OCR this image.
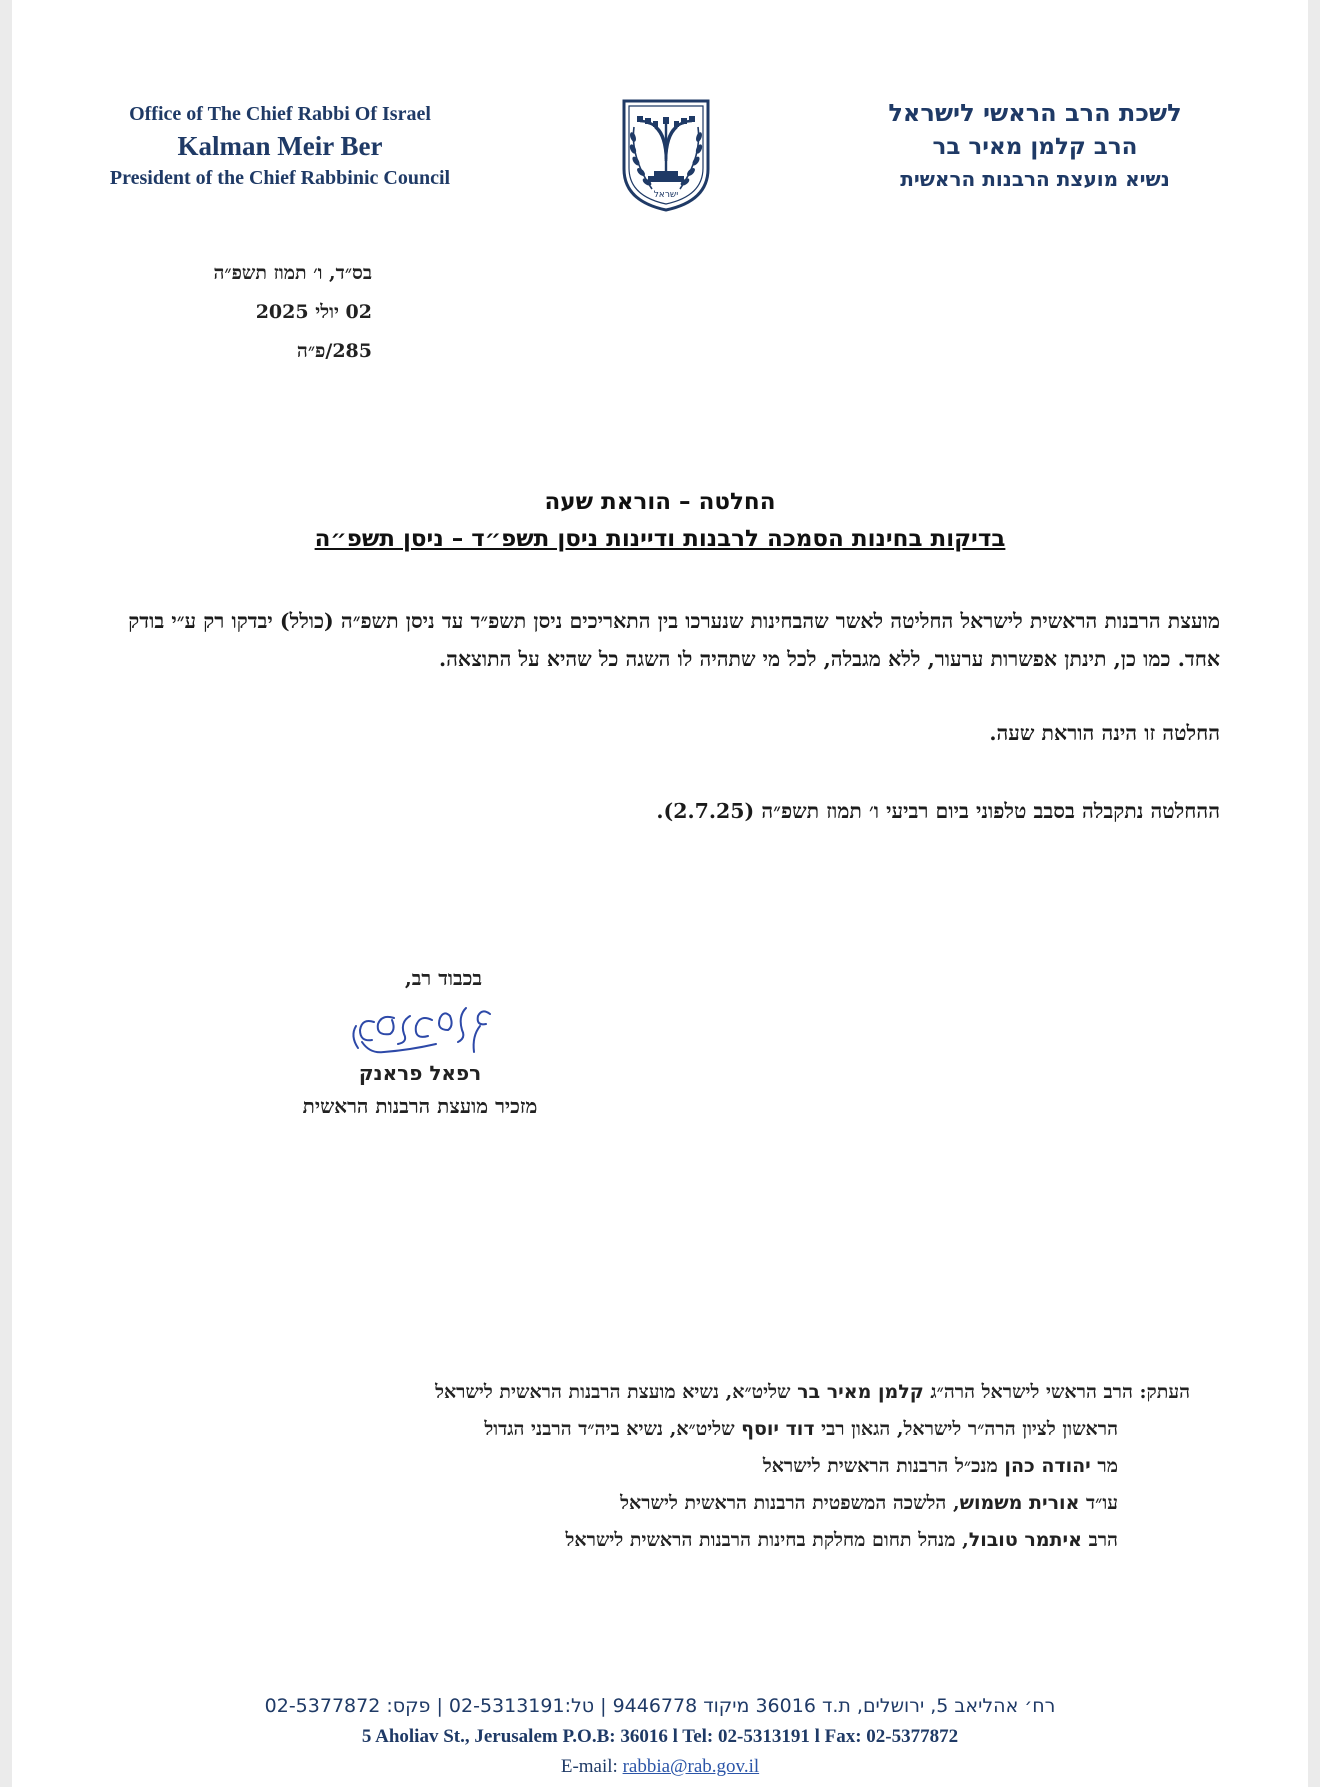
Office of The Chief Rabbi Of Israel
Kalman Meir Ber
President of the Chief Rabbinic Council
ישראל
לשכת הרב הראשי לישראל
הרב קלמן מאיר בר
נשיא מועצת הרבנות הראשית
בס״ד, ו׳ תמוז תשפ״ה
02 יולי 2025
285/פ״ה
החלטה – הוראת שעה
בדיקות בחינות הסמכה לרבנות ודיינות ניסן תשפ״ד – ניסן תשפ״ה
מועצת הרבנות הראשית לישראל החליטה לאשר שהבחינות שנערכו בין התאריכים ניסן תשפ״ד עד ניסן תשפ״ה (כולל) יבדקו רק ע״י בודק אחד. כמו כן, תינתן אפשרות ערעור, ללא מגבלה, לכל מי שתהיה לו השגה כל שהיא על התוצאה.
החלטה זו הינה הוראת שעה.
ההחלטה נתקבלה בסבב טלפוני ביום רביעי ו׳ תמוז תשפ״ה (2.7.25).
בכבוד רב,
רפאל פראנק
מזכיר מועצת הרבנות הראשית
העתק: הרב הראשי לישראל הרה״ג קלמן מאיר בר שליט״א, נשיא מועצת הרבנות הראשית לישראל
הראשון לציון הרה״ר לישראל, הגאון רבי דוד יוסף שליט״א, נשיא ביה״ד הרבני הגדול
מר יהודה כהן מנכ״ל הרבנות הראשית לישראל
עו״ד אורית משמוש, הלשכה המשפטית הרבנות הראשית לישראל
הרב איתמר טובול, מנהל תחום מחלקת בחינות הרבנות הראשית לישראל
רח׳ אהליאב 5, ירושלים, ת.ד 36016 מיקוד 9446778 | טל:02-5313191 | פקס: 02-5377872
5 Aholiav St., Jerusalem P.O.B: 36016 l Tel: 02-5313191 l Fax: 02-5377872
E-mail: rabbia@rab.gov.il
